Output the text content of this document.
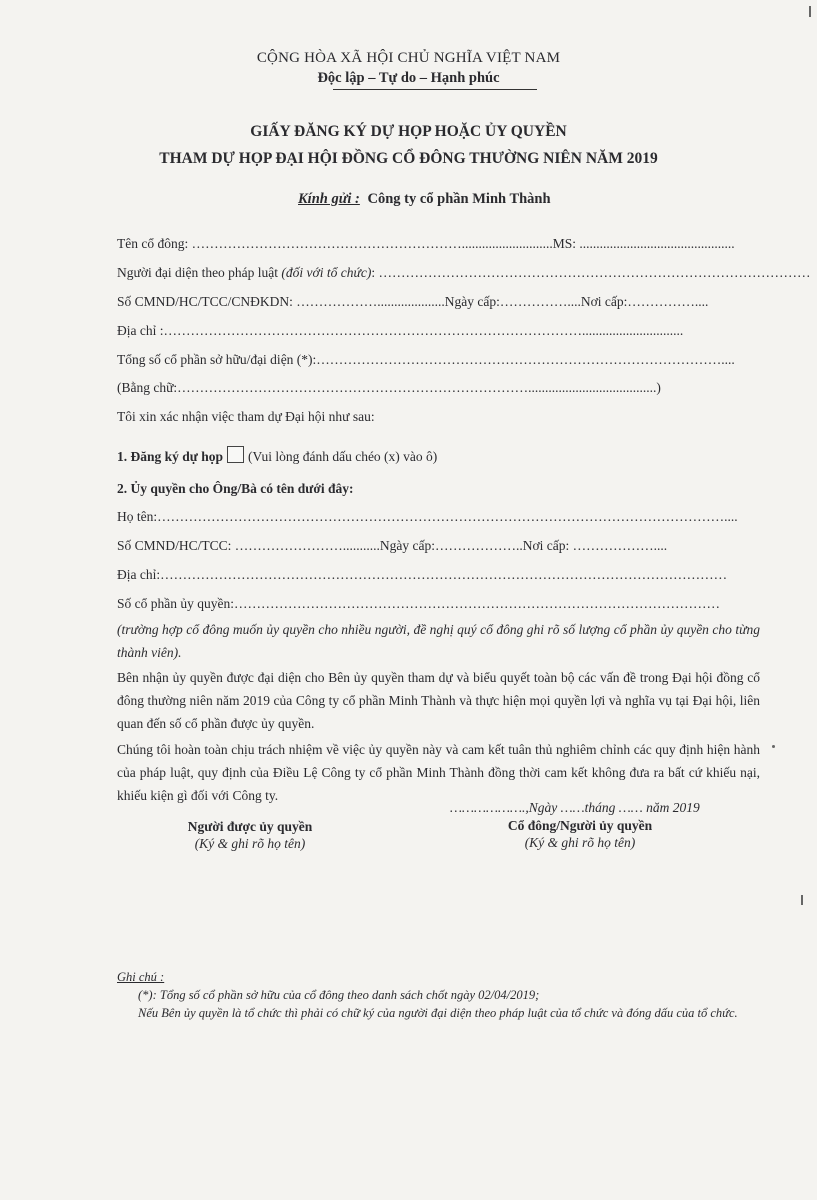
CỘNG HÒA XÃ HỘI CHỦ NGHĨA VIỆT NAM
Độc lập – Tự do – Hạnh phúc
GIẤY ĐĂNG KÝ DỰ HỌP HOẶC ỦY QUYỀN
THAM DỰ HỌP ĐẠI HỘI ĐỒNG CỔ ĐÔNG THƯỜNG NIÊN NĂM 2019
Kính gửi : Công ty cổ phần Minh Thành
Tên cổ đông: ……………………………………………………...........................MS: ..............................................
Người đại diện theo pháp luật (đối với tổ chức): ……………………………………………………………………………………
Số CMND/HC/TCC/CNĐKDN: ………………....................Ngày cấp:……………....Nơi cấp:……………....
Địa chỉ :…………………………………………………………………………………..............................
Tổng số cổ phần sở hữu/đại diện (*):………………………………………………………………………………....
(Bằng chữ:……………………………………………………………………......................................)
Tôi xin xác nhận việc tham dự Đại hội như sau:
1. Đăng ký dự họp (Vui lòng đánh dấu chéo (x) vào ô)
2. Ủy quyền cho Ông/Bà có tên dưới đây:
Họ tên:………………………………………………………………………………………………………………....
Số CMND/HC/TCC: ……………………...........Ngày cấp:………………..Nơi cấp: ………………....
Địa chỉ:………………………………………………………………………………………………………………
Số cổ phần ủy quyền:………………………………………………………………………………………………
(trường hợp cổ đông muốn ủy quyền cho nhiều người, đề nghị quý cổ đông ghi rõ số lượng cổ phần ủy quyền cho từng thành viên).
Bên nhận ủy quyền được đại diện cho Bên ủy quyền tham dự và biểu quyết toàn bộ các vấn đề trong Đại hội đồng cổ đông thường niên năm 2019 của Công ty cổ phần Minh Thành và thực hiện mọi quyền lợi và nghĩa vụ tại Đại hội, liên quan đến số cổ phần được ủy quyền.
Chúng tôi hoàn toàn chịu trách nhiệm về việc ủy quyền này và cam kết tuân thủ nghiêm chỉnh các quy định hiện hành của pháp luật, quy định của Điều Lệ Công ty cổ phần Minh Thành đồng thời cam kết không đưa ra bất cứ khiếu nại, khiếu kiện gì đối với Công ty.
……………….,Ngày ……tháng …… năm 2019
Người được ủy quyền
(Ký & ghi rõ họ tên)
Cổ đông/Người ủy quyền
(Ký & ghi rõ họ tên)
Ghi chú :
(*): Tổng số cổ phần sở hữu của cổ đông theo danh sách chốt ngày 02/04/2019;
Nếu Bên ủy quyền là tổ chức thì phải có chữ ký của người đại diện theo pháp luật của tổ chức và đóng dấu của tổ chức.
